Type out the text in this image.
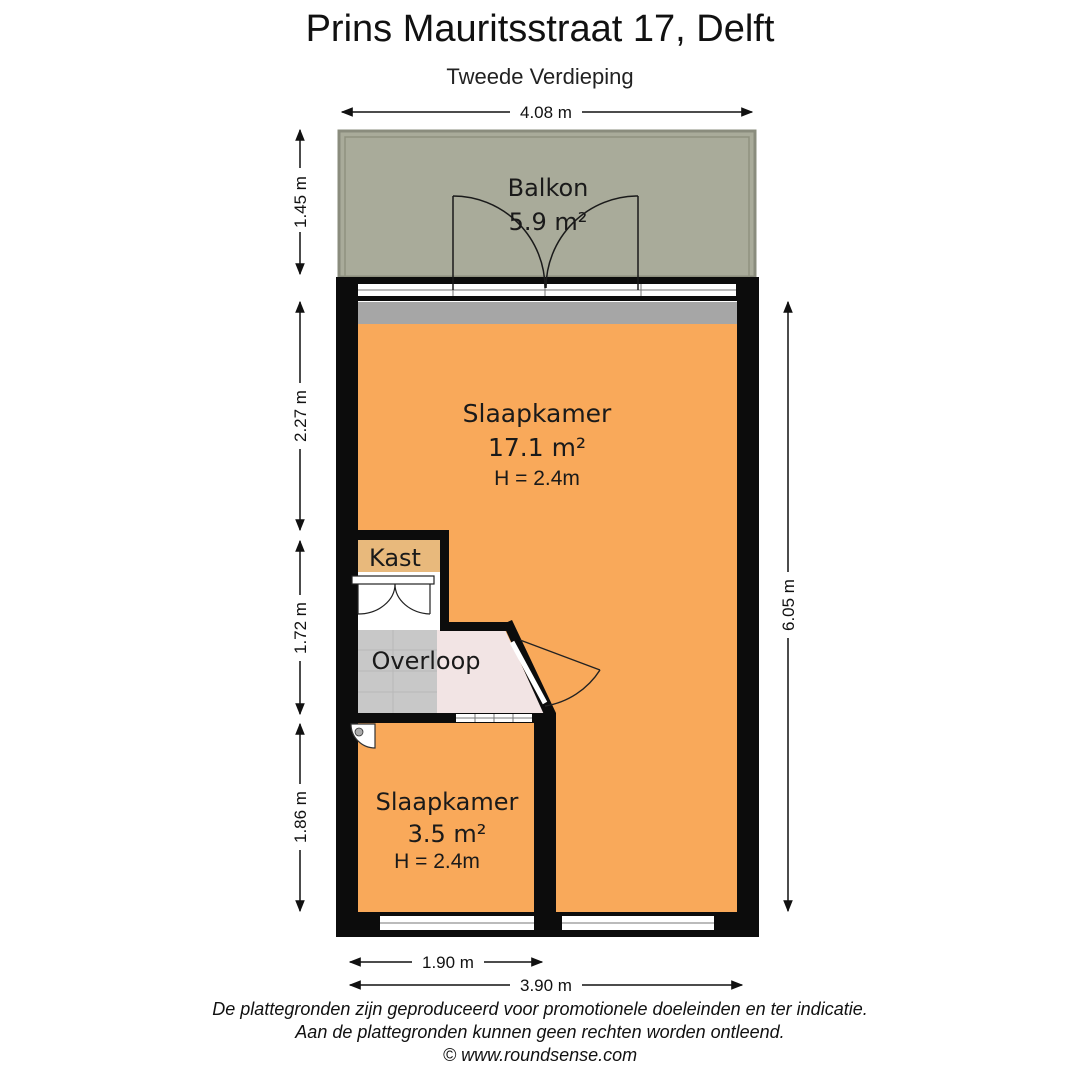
Prins Mauritsstraat 17, Delft
Tweede Verdieping
Balkon
5.9 m²
Slaapkamer
17.1 m²
H = 2.4m
Kast
Overloop
Slaapkamer
3.5 m²
H = 2.4m
4.08 m
1.45 m
2.27 m
1.72 m
1.86 m
6.05 m
1.90 m
3.90 m
De plattegronden zijn geproduceerd voor promotionele doeleinden en ter indicatie.
Aan de plattegronden kunnen geen rechten worden ontleend.
© www.roundsense.com
